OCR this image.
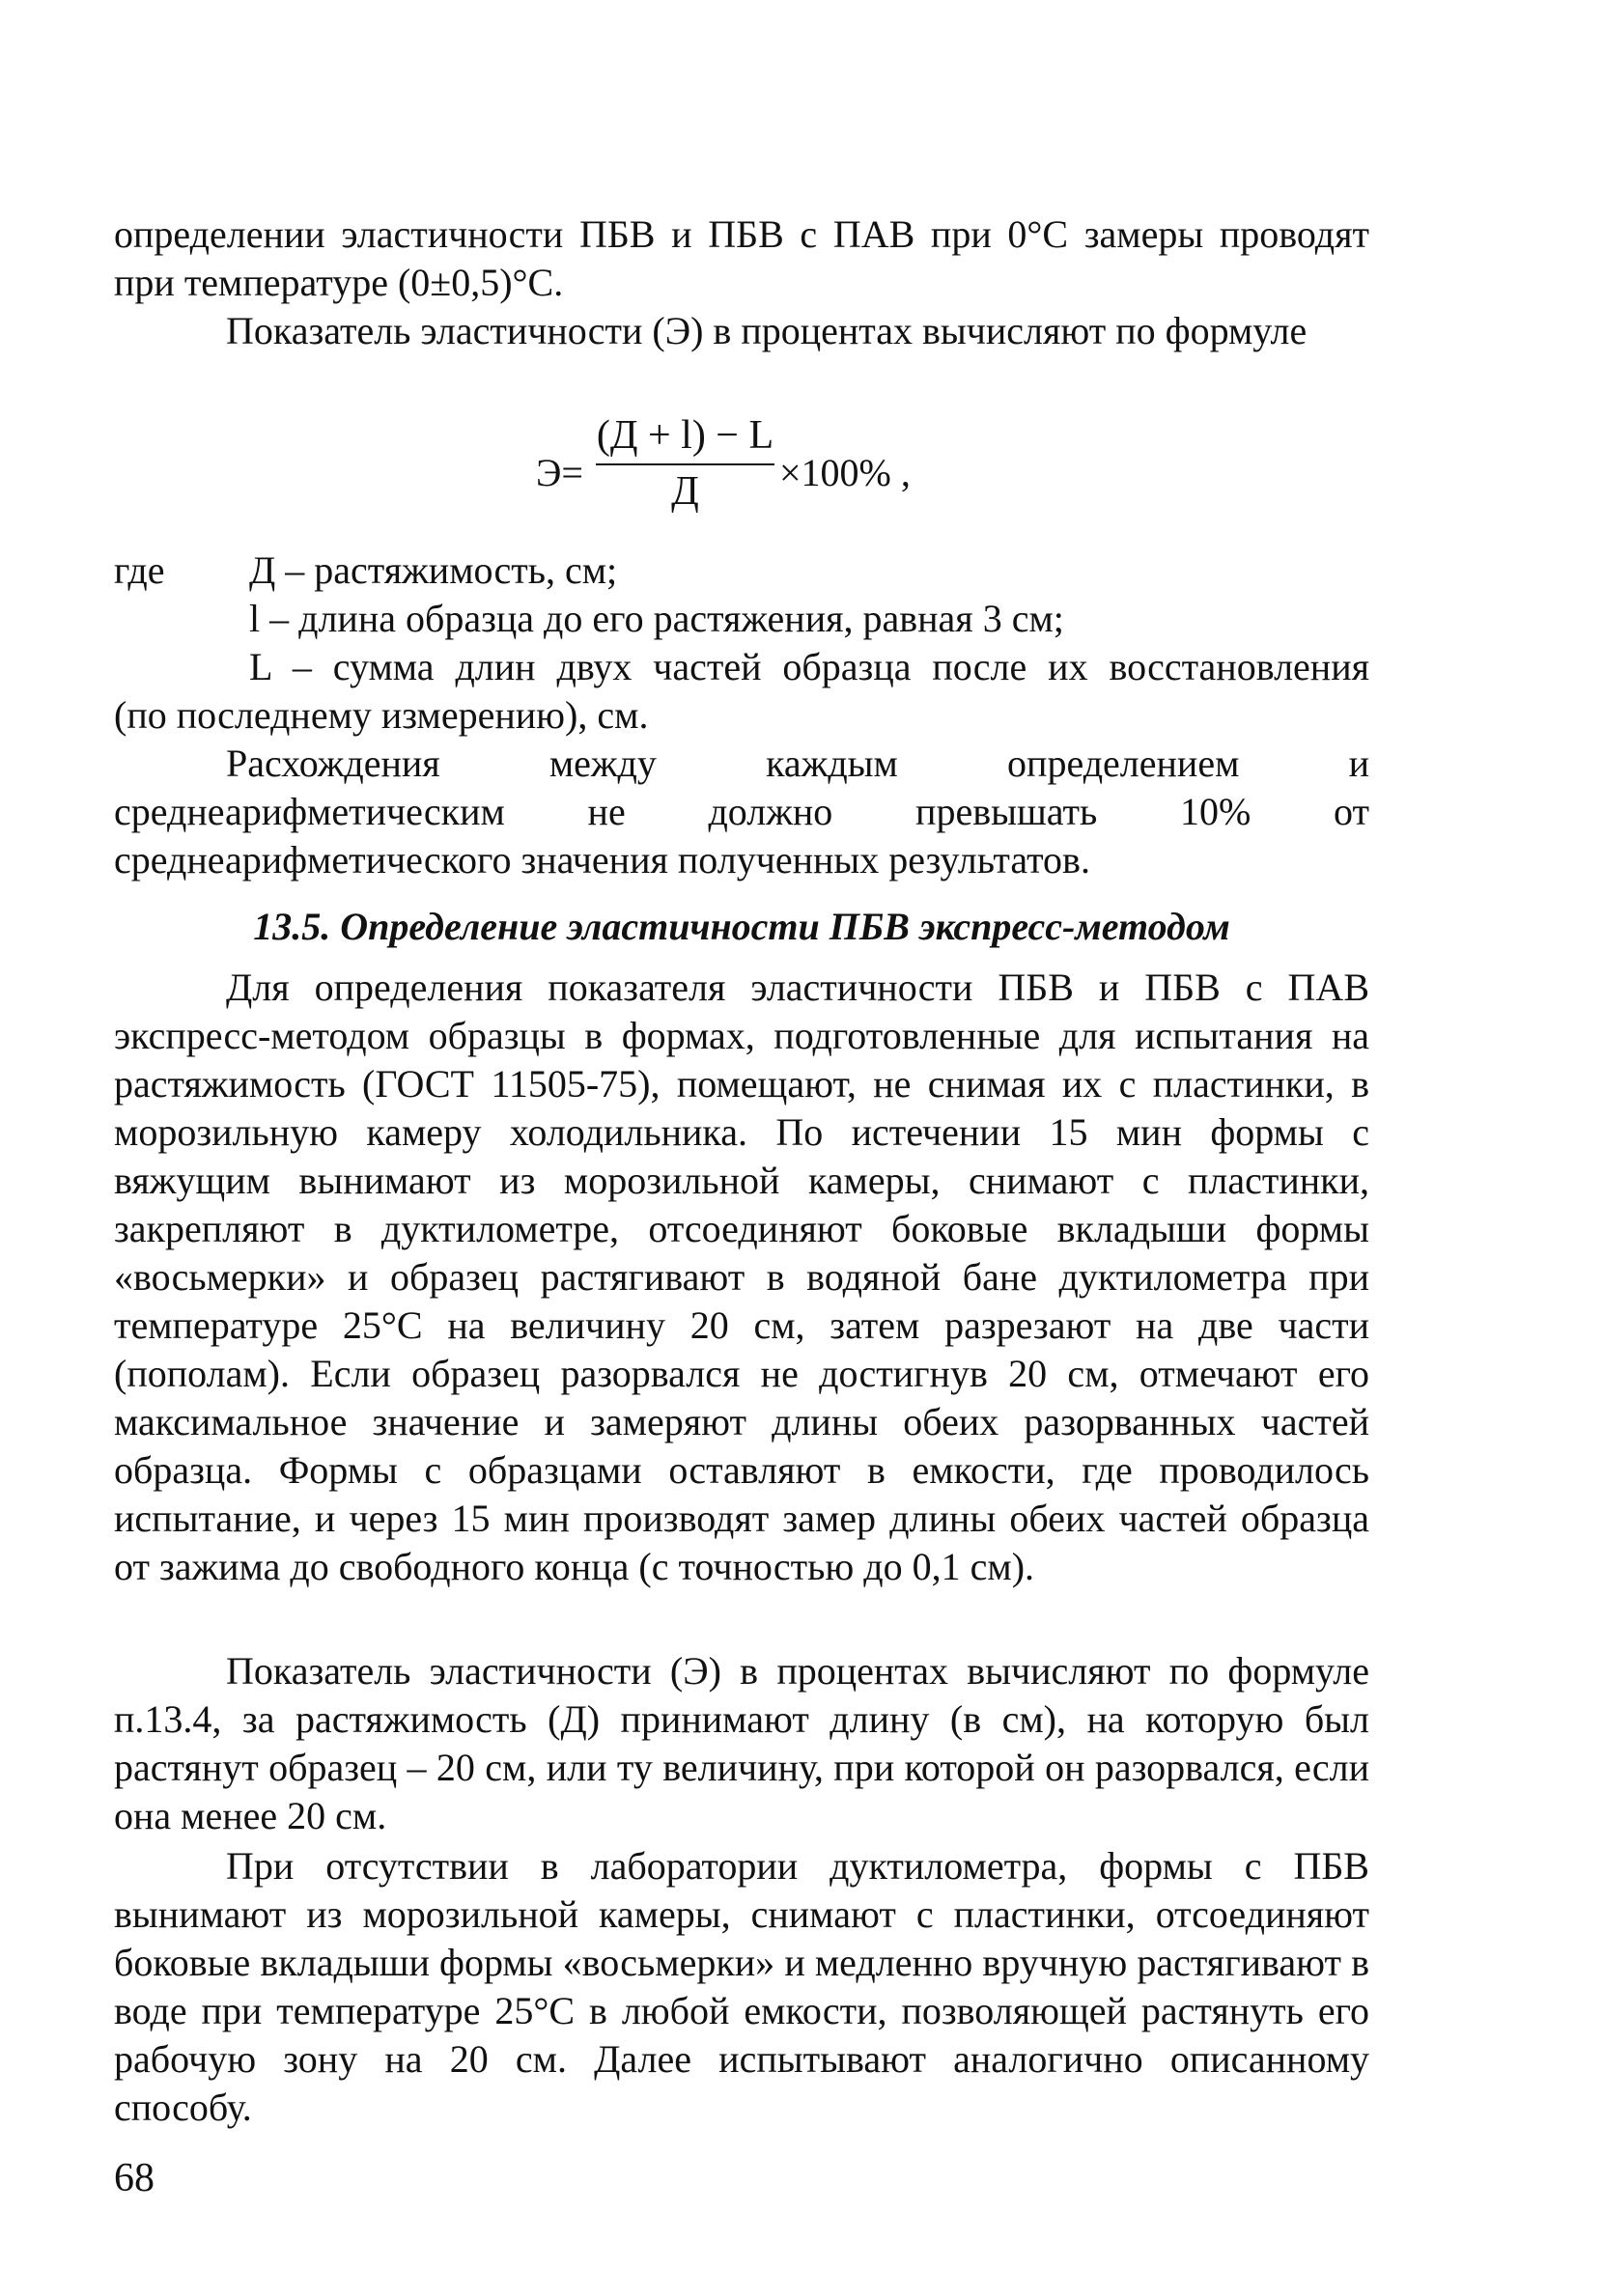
определении эластичности ПБВ и ПБВ с ПАВ при 0°С замеры проводят

при температуре (0±0,5)°С.

Показатель эластичности (Э) в процентах вычисляют по формуле

Э=
(Д + l) − L
Д	×100% ,
где Д – растяжимость, см;
l – длина образца до его растяжения, равная 3 см;
L – сумма длин двух частей образца после их восстановления
(по последнему измерению), см.

Расхождения между каждым определением и среднеарифметическим не должно превышать 10% от среднеарифметического значения полученных результатов.

13.5. Определение эластичности ПБВ экспресс-методом

Для определения показателя эластичности ПБВ и ПБВ с ПАВ экспресс-методом образцы в формах, подготовленные для испытания на растяжимость (ГОСТ 11505-75), помещают, не снимая их с пластинки, в морозильную камеру холодильника. По истечении 15 мин формы с вяжущим вынимают из морозильной камеры, снимают с пластинки, закрепляют в дуктилометре, отсоединяют боковые вкладыши формы «восьмерки» и образец растягивают в водяной бане дуктилометра при температуре 25°С на величину 20 см, затем разрезают на две части (пополам). Если образец разорвался не достигнув 20 см, отмечают его максимальное значение и замеряют длины обеих разорванных частей образца. Формы с образцами оставляют в емкости, где проводилось испытание, и через 15 мин производят замер длины обеих частей образца от зажима до свободного конца (с точностью до 0,1 см).

Показатель эластичности (Э) в процентах вычисляют по формуле п.13.4, за растяжимость (Д) принимают длину (в см), на которую был растянут образец – 20 см, или ту величину, при которой он разорвался, если она менее 20 см.

При отсутствии в лаборатории дуктилометра, формы с ПБВ вынимают из морозильной камеры, снимают с пластинки, отсоединяют боковые вкладыши формы «восьмерки» и медленно вручную растягивают в воде при температуре 25°С в любой емкости, позволяющей растянуть его рабочую зону на 20 см. Далее испытывают аналогично описанному способу.

68
